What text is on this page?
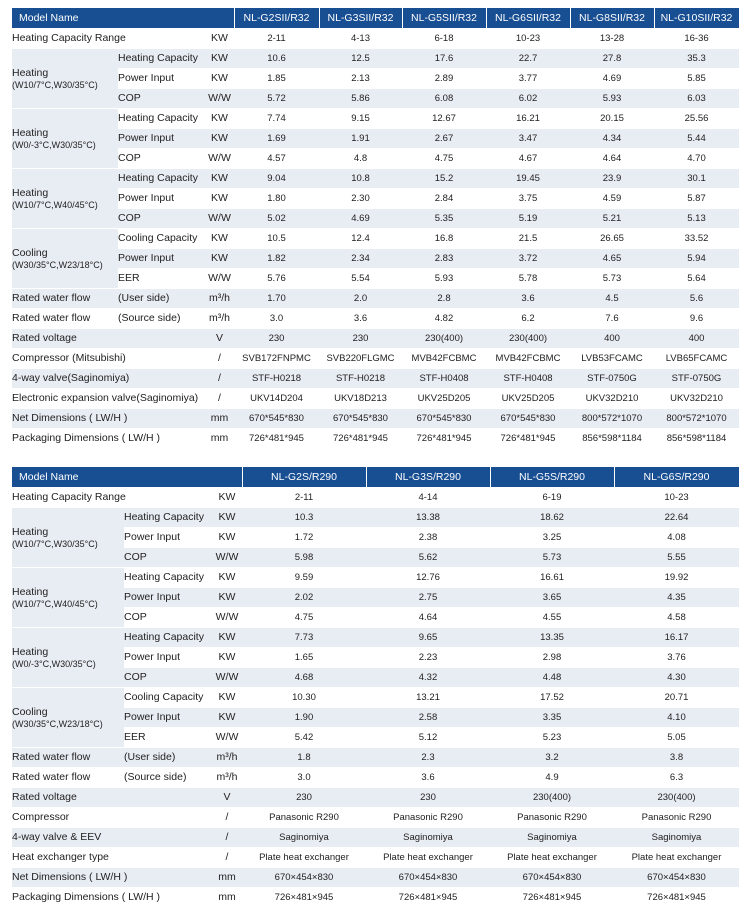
Model Name			NL-G2SII/R32	NL-G3SII/R32	NL-G5SII/R32	NL-G6SII/R32	NL-G8SII/R32	NL-G10SII/R32
Heating Capacity Range		KW	2-11	4-13	6-18	10-23	13-28	16-36

Heating
(W10/7°C,W30/35°C)	Heating Capacity	KW	10.6	12.5	17.6	22.7	27.8	35.3
	Power Input	KW	1.85	2.13	2.89	3.77	4.69	5.85
	COP	W/W	5.72	5.86	6.08	6.02	5.93	6.03

Heating
(W0/-3°C,W30/35°C)	Heating Capacity	KW	7.74	9.15	12.67	16.21	20.15	25.56
	Power Input	KW	1.69	1.91	2.67	3.47	4.34	5.44
	COP	W/W	4.57	4.8	4.75	4.67	4.64	4.70

Heating
(W10/7°C,W40/45°C)	Heating Capacity	KW	9.04	10.8	15.2	19.45	23.9	30.1
	Power Input	KW	1.80	2.30	2.84	3.75	4.59	5.87
	COP	W/W	5.02	4.69	5.35	5.19	5.21	5.13

Cooling
(W30/35°C,W23/18°C)	Cooling Capacity	KW	10.5	12.4	16.8	21.5	26.65	33.52
	Power Input	KW	1.82	2.34	2.83	3.72	4.65	5.94
	EER	W/W	5.76	5.54	5.93	5.78	5.73	5.64
Rated water flow	(User side)	m³/h	1.70	2.0	2.8	3.6	4.5	5.6
Rated water flow	(Source side)	m³/h	3.0	3.6	4.82	6.2	7.6	9.6
Rated voltage		V	230	230	230(400)	230(400)	400	400
Compressor (Mitsubishi)		/	SVB172FNPMC	SVB220FLGMC	MVB42FCBMC	MVB42FCBMC	LVB53FCAMC	LVB65FCAMC
4-way valve(Saginomiya)		/	STF-H0218	STF-H0218	STF-H0408	STF-H0408	STF-0750G	STF-0750G
Electronic expansion valve(Saginomiya)		/	UKV14D204	UKV18D213	UKV25D205	UKV25D205	UKV32D210	UKV32D210
Net Dimensions ( LW/H )		mm	670*545*830	670*545*830	670*545*830	670*545*830	800*572*1070	800*572*1070
Packaging Dimensions ( LW/H )		mm	726*481*945	726*481*945	726*481*945	726*481*945	856*598*1184	856*598*1184
Model Name			NL-G2S/R290	NL-G3S/R290	NL-G5S/R290	NL-G6S/R290
Heating Capacity Range		KW	2-11	4-14	6-19	10-23

Heating
(W10/7°C,W30/35°C)	Heating Capacity	KW	10.3	13.38	18.62	22.64
	Power Input	KW	1.72	2.38	3.25	4.08
	COP	W/W	5.98	5.62	5.73	5.55

Heating
(W10/7°C,W40/45°C)	Heating Capacity	KW	9.59	12.76	16.61	19.92
	Power Input	KW	2.02	2.75	3.65	4.35
	COP	W/W	4.75	4.64	4.55	4.58

Heating
(W0/-3°C,W30/35°C)	Heating Capacity	KW	7.73	9.65	13.35	16.17
	Power Input	KW	1.65	2.23	2.98	3.76
	COP	W/W	4.68	4.32	4.48	4.30

Cooling
(W30/35°C,W23/18°C)	Cooling Capacity	KW	10.30	13.21	17.52	20.71
	Power Input	KW	1.90	2.58	3.35	4.10
	EER	W/W	5.42	5.12	5.23	5.05
Rated water flow	(User side)	m³/h	1.8	2.3	3.2	3.8
Rated water flow	(Source side)	m³/h	3.0	3.6	4.9	6.3
Rated voltage		V	230	230	230(400)	230(400)
Compressor		/	Panasonic R290	Panasonic R290	Panasonic R290	Panasonic R290
4-way valve & EEV		/	Saginomiya	Saginomiya	Saginomiya	Saginomiya
Heat exchanger type		/	Plate heat exchanger	Plate heat exchanger	Plate heat exchanger	Plate heat exchanger
Net Dimensions ( LW/H )		mm	670×454×830	670×454×830	670×454×830	670×454×830
Packaging Dimensions ( LW/H )		mm	726×481×945	726×481×945	726×481×945	726×481×945
